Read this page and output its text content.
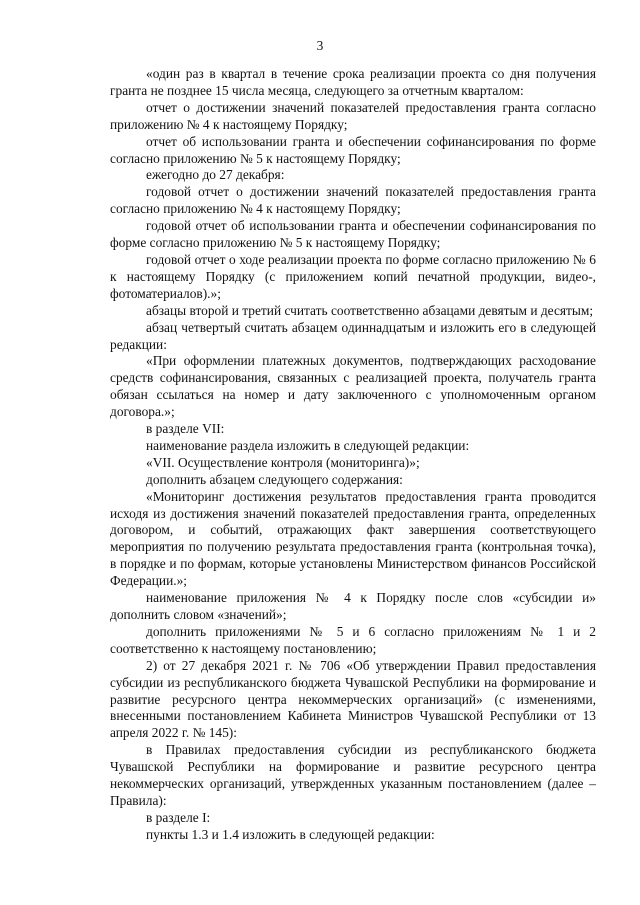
3

«один раз в квартал в течение срока реализации проекта со дня получения гранта не позднее 15 числа месяца, следующего за отчетным кварталом:

отчет о достижении значений показателей предоставления гранта согласно приложению № 4 к настоящему Порядку;

отчет об использовании гранта и обеспечении софинансирования по форме согласно приложению № 5 к настоящему Порядку;

ежегодно до 27 декабря:

годовой отчет о достижении значений показателей предоставления гранта согласно приложению № 4 к настоящему Порядку;

годовой отчет об использовании гранта и обеспечении софинансирования по форме согласно приложению № 5 к настоящему Порядку;

годовой отчет о ходе реализации проекта по форме согласно приложению № 6 к настоящему Порядку (с приложением копий печатной продукции, видео-, фотоматериалов).»;

абзацы второй и третий считать соответственно абзацами девятым и десятым;

абзац четвертый считать абзацем одиннадцатым и изложить его в следующей редакции:

«При оформлении платежных документов, подтверждающих расходование средств софинансирования, связанных с реализацией проекта, получатель гранта обязан ссылаться на номер и дату заключенного с уполномоченным органом договора.»;

в разделе VII:

наименование раздела изложить в следующей редакции:

«VII. Осуществление контроля (мониторинга)»;

дополнить абзацем следующего содержания:

«Мониторинг достижения результатов предоставления гранта проводится исходя из достижения значений показателей предоставления гранта, определенных договором, и событий, отражающих факт завершения соответствующего мероприятия по получению результата предоставления гранта (контрольная точка), в порядке и по формам, которые установлены Министерством финансов Российской Федерации.»;

наименование приложения № 4 к Порядку после слов «субсидии и» дополнить словом «значений»;

дополнить приложениями № 5 и 6 согласно приложениям № 1 и 2 соответственно к настоящему постановлению;

2) от 27 декабря 2021 г. № 706 «Об утверждении Правил предоставления субсидии из республиканского бюджета Чувашской Республики на формирование и развитие ресурсного центра некоммерческих организаций» (с изменениями, внесенными постановлением Кабинета Министров Чувашской Республики от 13 апреля 2022 г. № 145):

в Правилах предоставления субсидии из республиканского бюджета Чувашской Республики на формирование и развитие ресурсного центра некоммерческих организаций, утвержденных указанным постановлением (далее – Правила):

в разделе I:

пункты 1.3 и 1.4 изложить в следующей редакции:
